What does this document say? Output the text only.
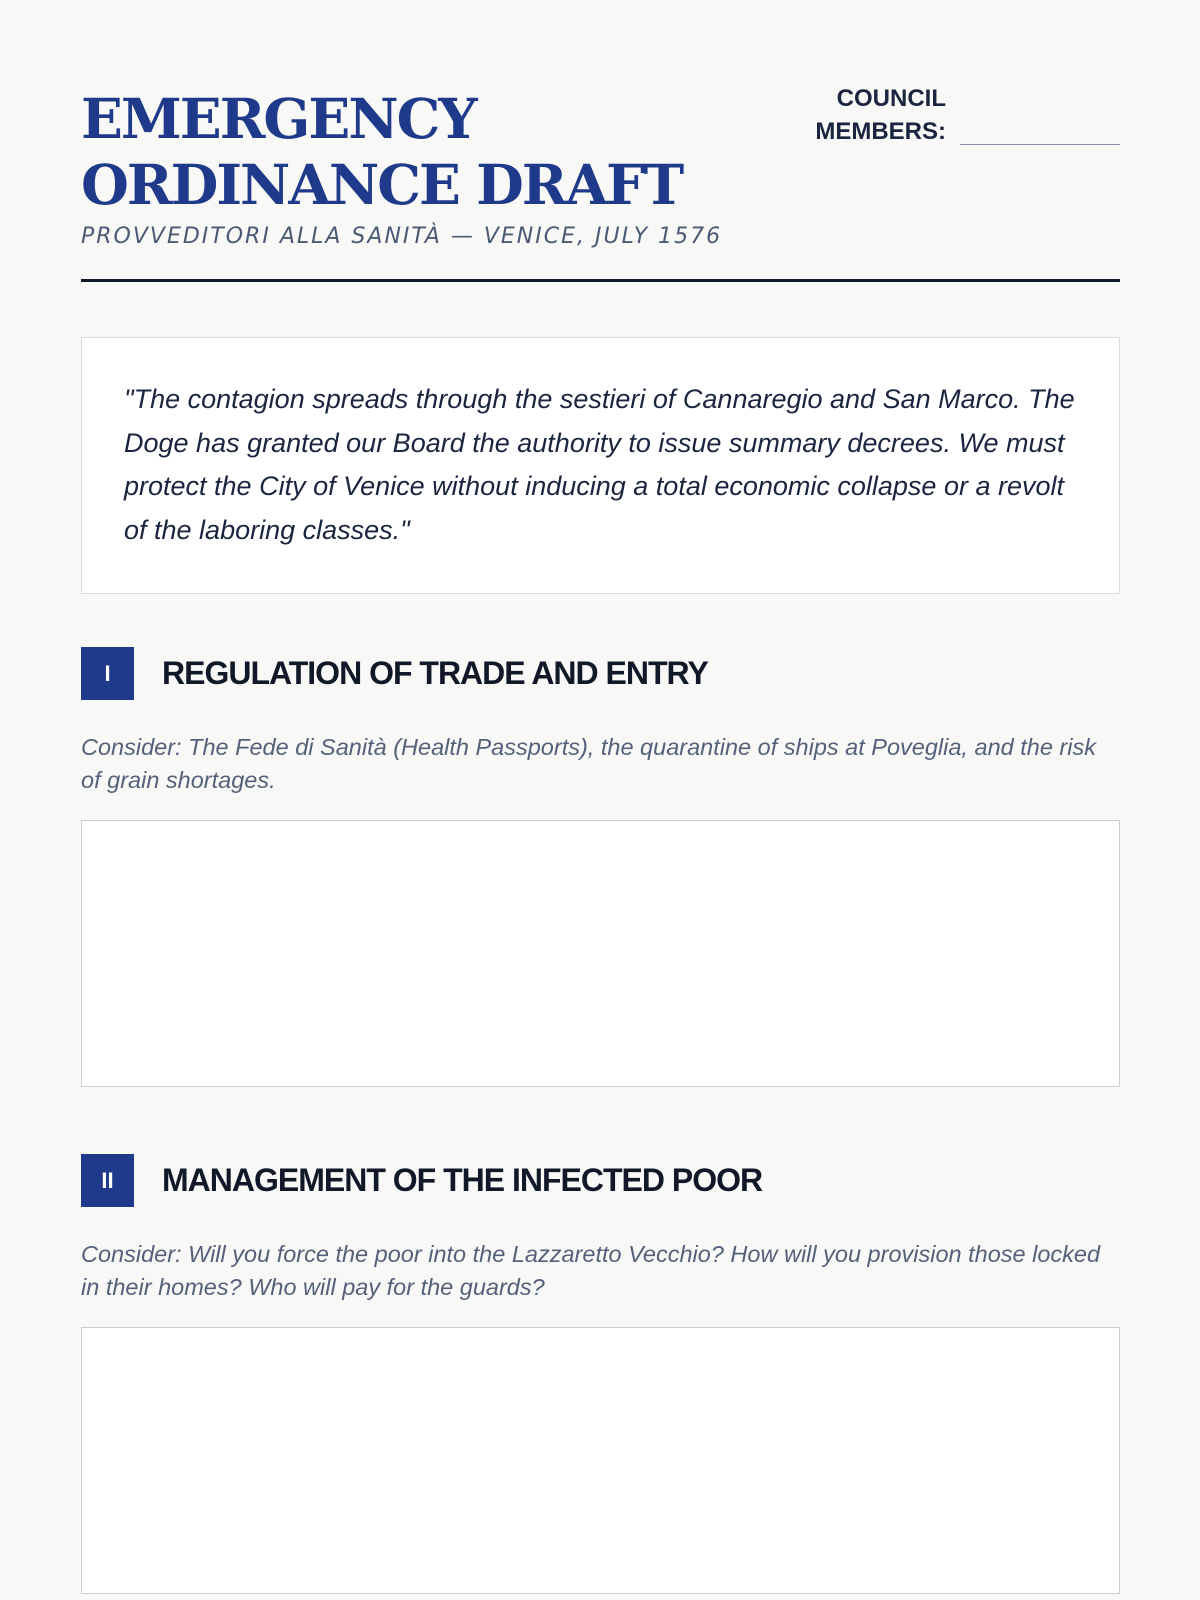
EMERGENCY ORDINANCE DRAFT
PROVVEDITORI ALLA SANITÀ — VENICE, JULY 1576
COUNCIL MEMBERS:

"The contagion spreads through the sestieri of Cannaregio and San Marco. The Doge has granted our Board the authority to issue summary decrees. We must protect the City of Venice without inducing a total economic collapse or a revolt of the laboring classes."

I	REGULATION OF TRADE AND ENTRY

Consider: The Fede di Sanità (Health Passports), the quarantine of ships at Poveglia, and the risk of grain shortages.

II	MANAGEMENT OF THE INFECTED POOR

Consider: Will you force the poor into the Lazzaretto Vecchio? How will you provision those locked in their homes? Who will pay for the guards?
